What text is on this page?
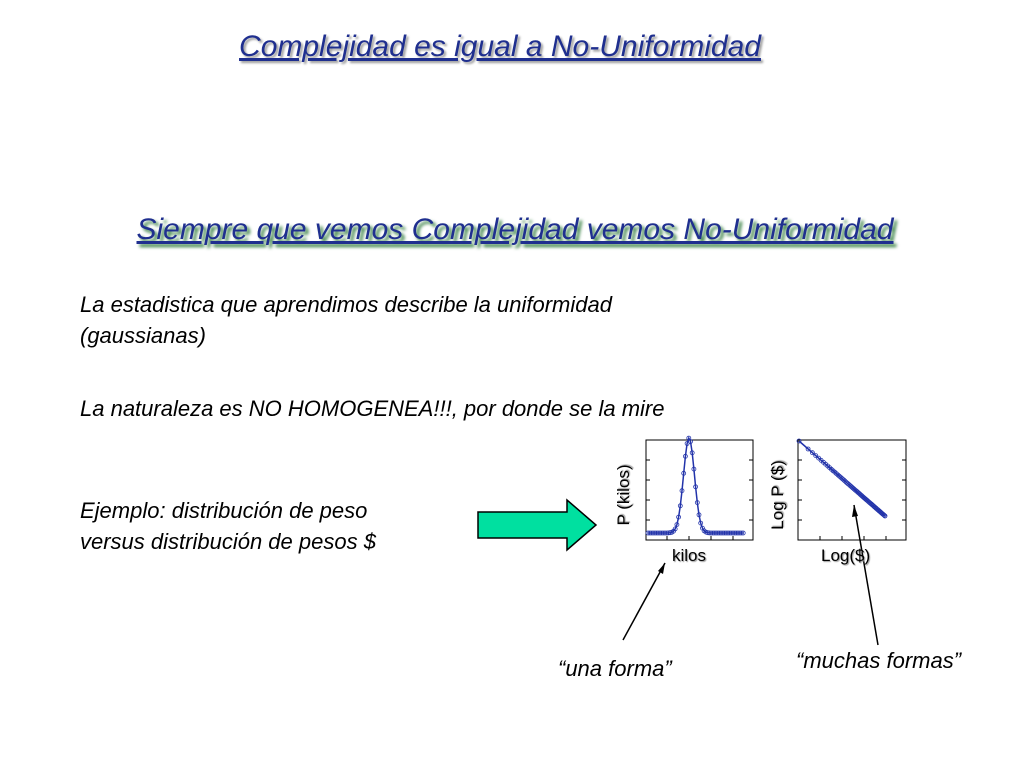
Complejidad es igual a No-Uniformidad
Siempre que vemos Complejidad vemos No-Uniformidad
La estadistica que aprendimos describe la uniformidad
(gaussianas)
La naturaleza es NO HOMOGENEA!!!, por donde se la mire
Ejemplo: distribución de peso
versus distribución de pesos $
kilos
P (kilos)
Log($)
Log P ($)
“una forma”	“muchas formas”
